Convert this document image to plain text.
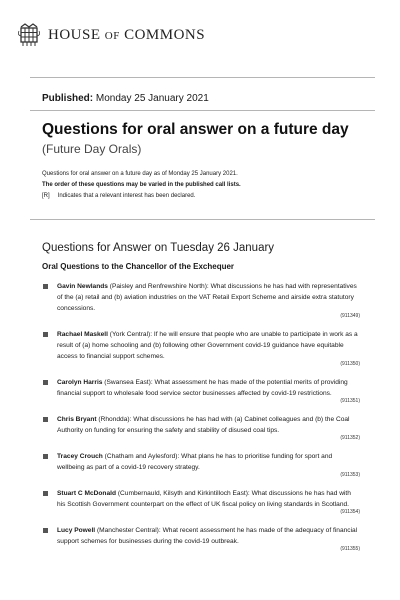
HOUSE OF COMMONS
Published: Monday 25 January 2021
Questions for oral answer on a future day
(Future Day Orals)
Questions for oral answer on a future day as of Monday 25 January 2021.
The order of these questions may be varied in the published call lists.
[R] Indicates that a relevant interest has been declared.
Questions for Answer on Tuesday 26 January
Oral Questions to the Chancellor of the Exchequer
Gavin Newlands (Paisley and Renfrewshire North): What discussions he has had with representatives of the (a) retail and (b) aviation industries on the VAT Retail Export Scheme and airside extra statutory concessions.
(911349)
Rachael Maskell (York Central): If he will ensure that people who are unable to participate in work as a result of (a) home schooling and (b) following other Government covid-19 guidance have equitable access to financial support schemes.
(911350)
Carolyn Harris (Swansea East): What assessment he has made of the potential merits of providing financial support to wholesale food service sector businesses affected by covid-19 restrictions.
(911351)
Chris Bryant (Rhondda): What discussions he has had with (a) Cabinet colleagues and (b) the Coal Authority on funding for ensuring the safety and stability of disused coal tips.
(911352)
Tracey Crouch (Chatham and Aylesford): What plans he has to prioritise funding for sport and wellbeing as part of a covid-19 recovery strategy.
(911353)
Stuart C McDonald (Cumbernauld, Kilsyth and Kirkintilloch East): What discussions he has had with his Scottish Government counterpart on the effect of UK fiscal policy on living standards in Scotland.
(911354)
Lucy Powell (Manchester Central): What recent assessment he has made of the adequacy of financial support schemes for businesses during the covid-19 outbreak.
(911355)
